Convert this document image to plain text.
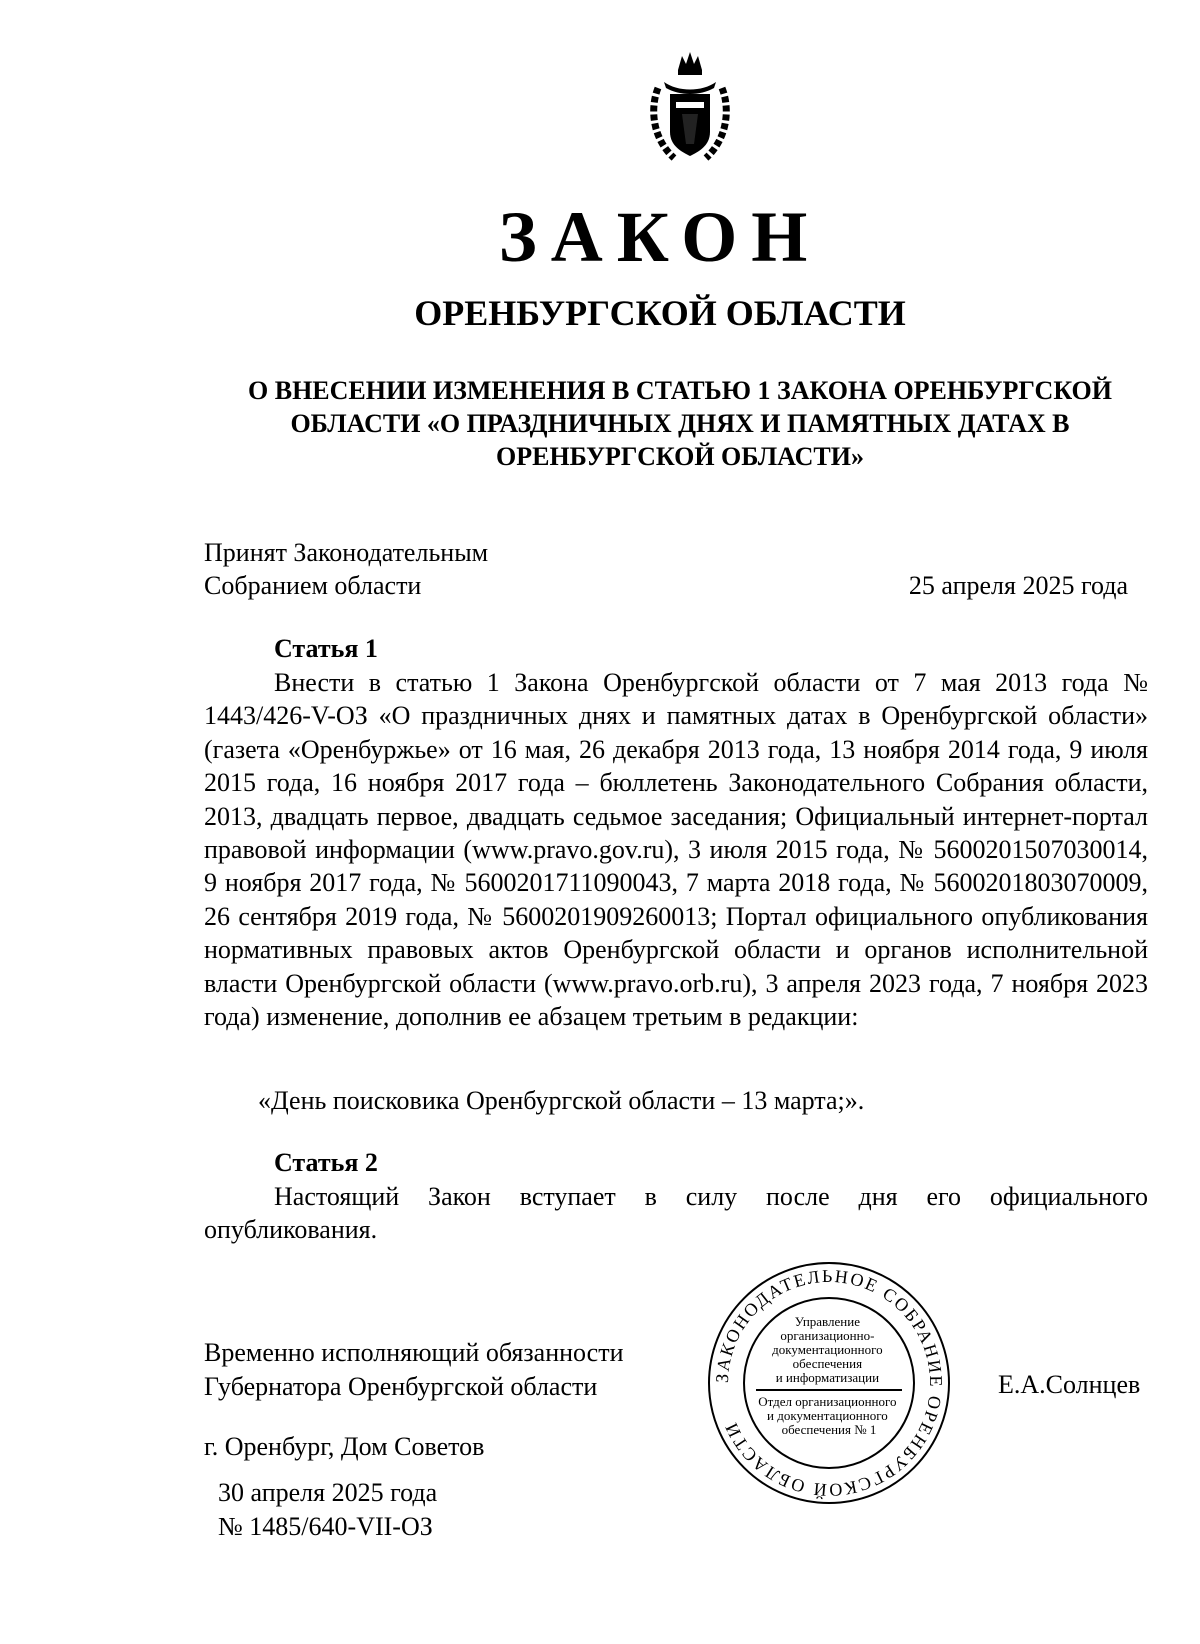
ЗАКОН
ОРЕНБУРГСКОЙ ОБЛАСТИ
О ВНЕСЕНИИ ИЗМЕНЕНИЯ В СТАТЬЮ 1 ЗАКОНА ОРЕНБУРГСКОЙ
ОБЛАСТИ «О ПРАЗДНИЧНЫХ ДНЯХ И ПАМЯТНЫХ ДАТАХ В
ОРЕНБУРГСКОЙ ОБЛАСТИ»
Принят Законодательным
Собранием области	25 апреля 2025 года
Статья 1

Внести в статью 1 Закона Оренбургской области от 7 мая 2013 года № 1443/426-V-ОЗ «О праздничных днях и памятных датах в Оренбургской области» (газета «Оренбуржье» от 16 мая, 26 декабря 2013 года, 13 ноября 2014 года, 9 июля 2015 года, 16 ноября 2017 года – бюллетень Законодательного Собрания области, 2013, двадцать первое, двадцать седьмое заседания; Официальный интернет-портал правовой информации (www.pravo.gov.ru), 3 июля 2015 года, № 5600201507030014, 9 ноября 2017 года, № 5600201711090043, 7 марта 2018 года, № 5600201803070009, 26 сентября 2019 года, № 5600201909260013; Портал официального опубликования нормативных правовых актов Оренбургской области и органов исполнительной власти Оренбургской области (www.pravo.orb.ru), 3 апреля 2023 года, 7 ноября 2023 года) изменение, дополнив ее абзацем третьим в редакции:

«День поисковика Оренбургской области – 13 марта;».
Статья 2

Настоящий Закон вступает в силу после дня его официального опубликования.

Временно исполняющий обязанности
Губернатора Оренбургской области	Е.А.Солнцев
г. Оренбург, Дом Советов
30 апреля 2025 года
№ 1485/640-VII-ОЗ
ЗАКОНОДАТЕЛЬНОЕ СОБРАНИЕ ОРЕНБУРГСКОЙ ОБЛАСТИ
Управление организационно- документационного обеспечения и информатизации Отдел организационного и документационного обеспечения № 1
